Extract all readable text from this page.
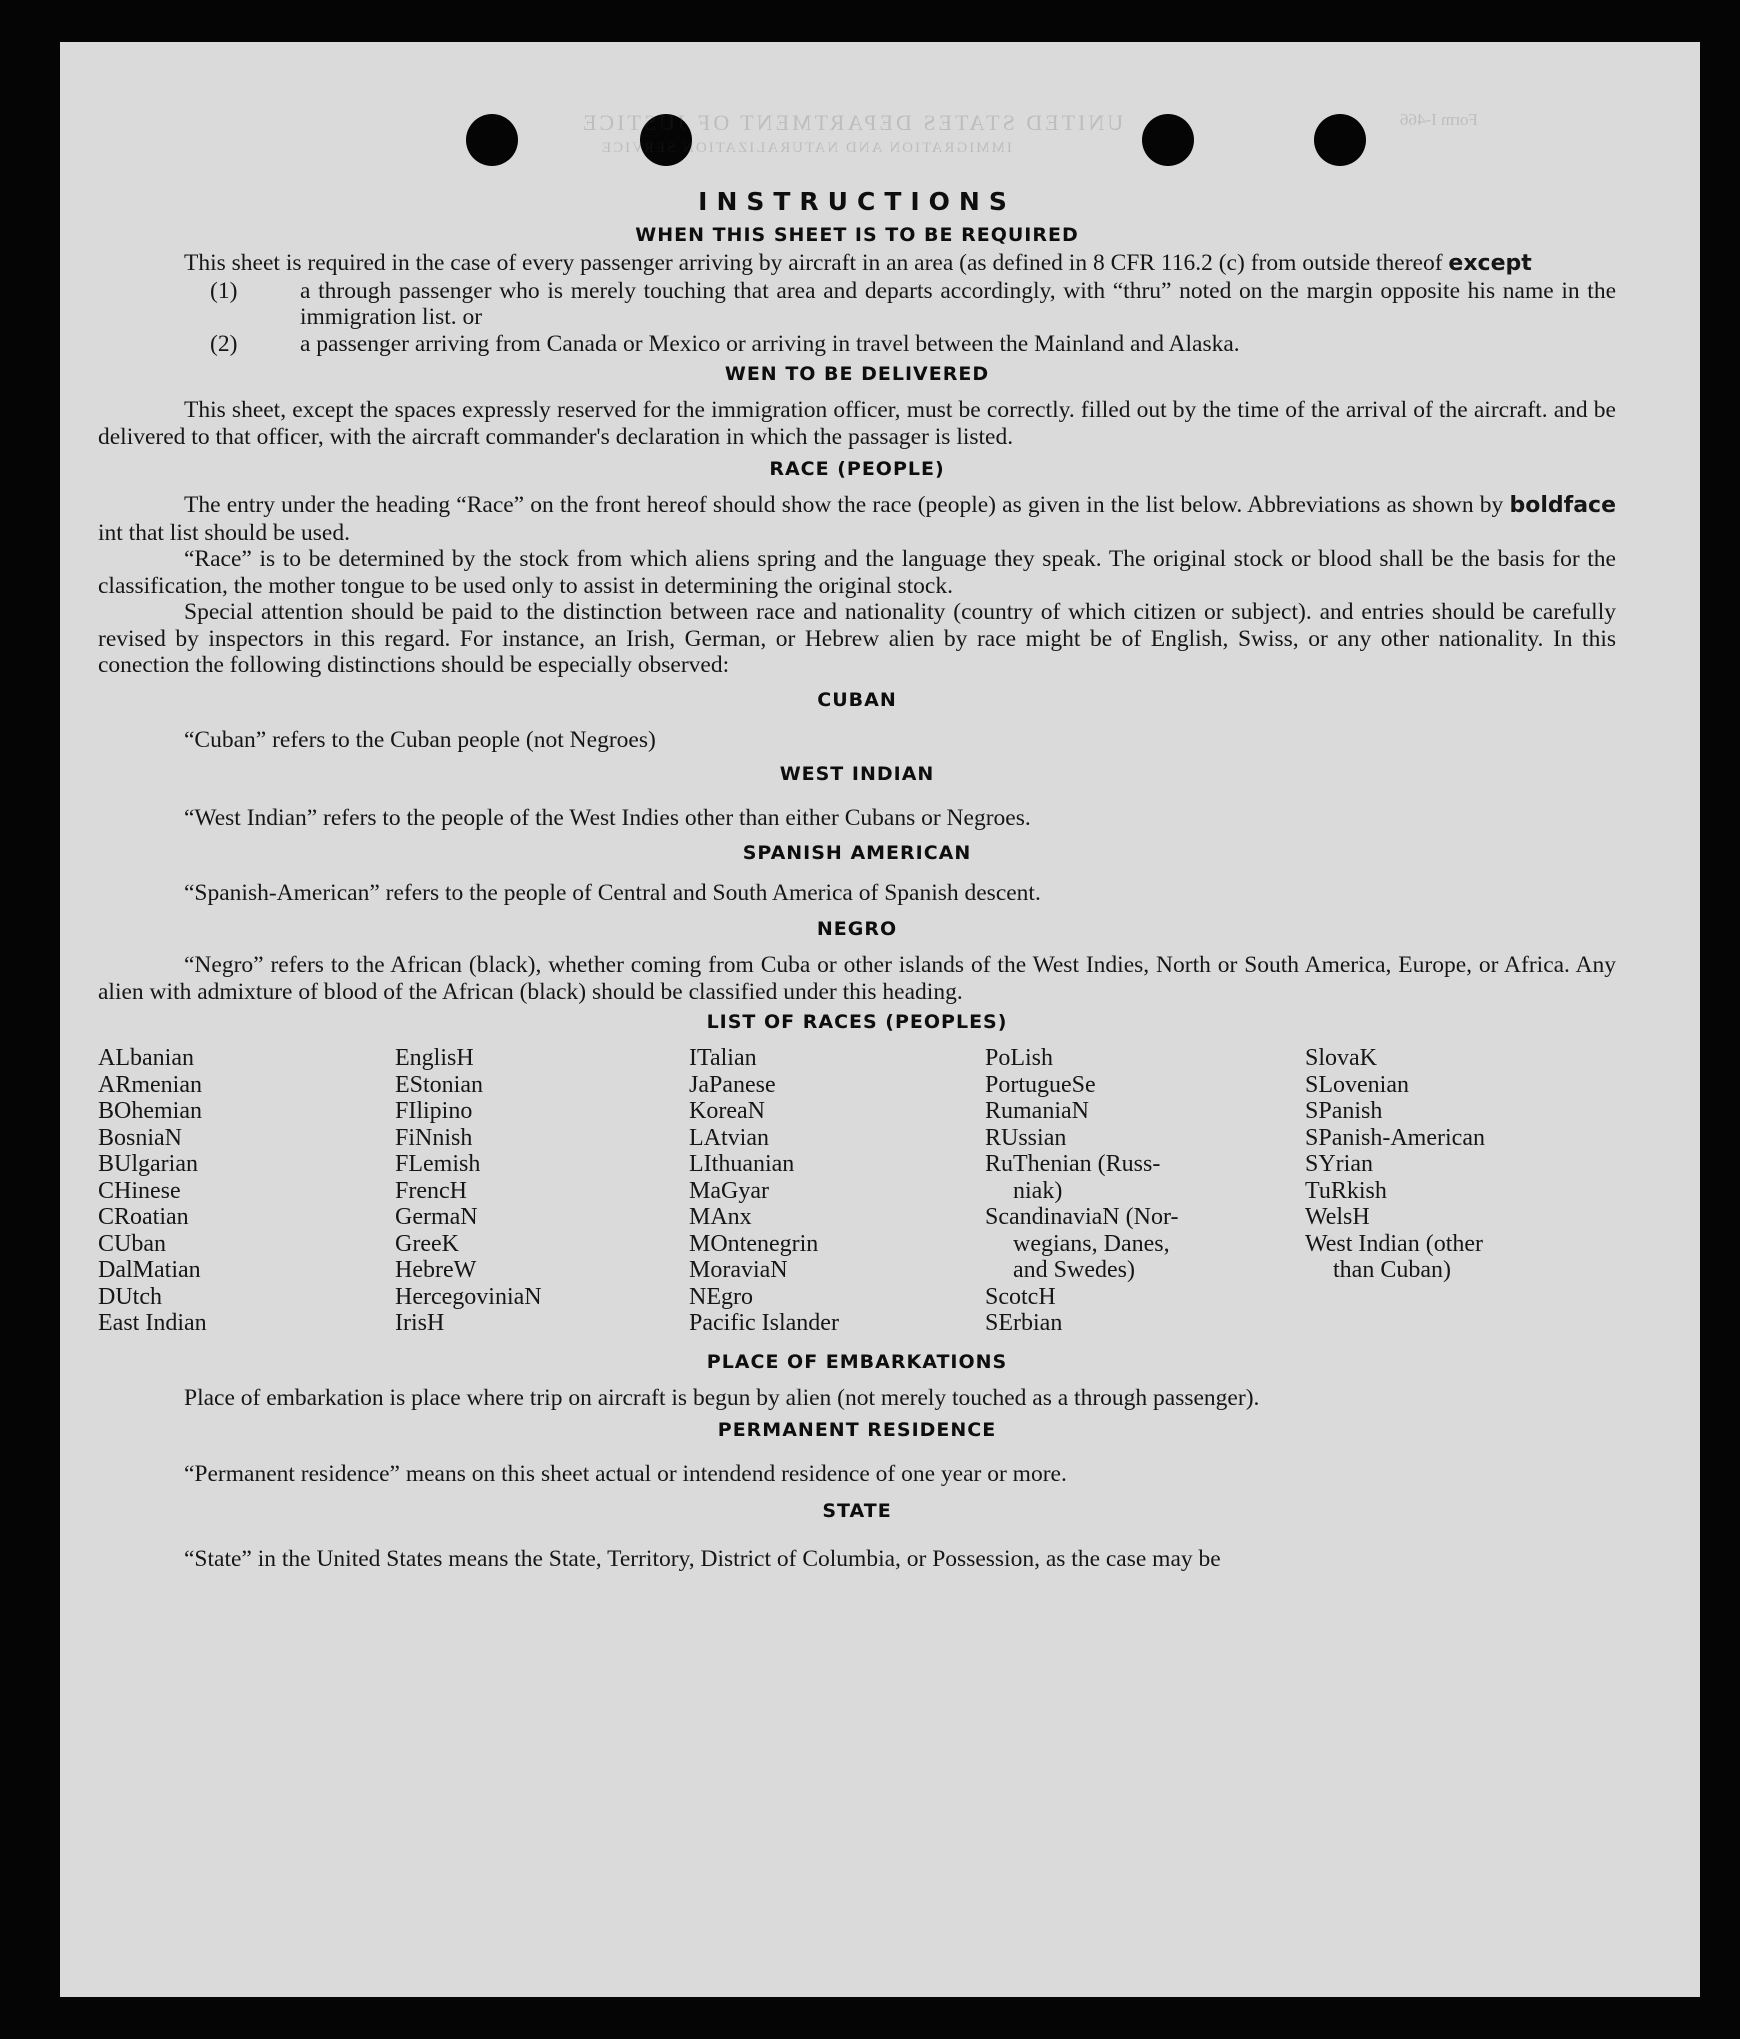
UNITED STATES DEPARTMENT OF JUSTICE
IMMIGRATION AND NATURALIZATION SERVICE
Form I-466
INSTRUCTIONS
WHEN THIS SHEET IS TO BE REQUIRED

This sheet is required in the case of every passenger arriving by aircraft in an area (as defined in 8 CFR 116.2 (c) from outside thereof except

(1)	a through passenger who is merely touching that area and departs accordingly, with “thru” noted on the margin opposite his name in the immigration list. or
(2)	a passenger arriving from Canada or Mexico or arriving in travel between the Mainland and Alaska.
WEN TO BE DELIVERED

This sheet, except the spaces expressly reserved for the immigration officer, must be correctly. filled out by the time of the arrival of the aircraft. and be delivered to that officer, with the aircraft commander's declaration in which the passager is listed.

RACE (PEOPLE)

The entry under the heading “Race” on the front hereof should show the race (people) as given in the list below. Abbreviations as shown by boldface int that list should be used.

“Race” is to be determined by the stock from which aliens spring and the language they speak. The original stock or blood shall be the basis for the classification, the mother tongue to be used only to assist in determining the original stock.

Special attention should be paid to the distinction between race and nationality (country of which citizen or subject). and entries should be carefully revised by inspectors in this regard. For instance, an Irish, German, or Hebrew alien by race might be of English, Swiss, or any other nationality. In this conection the following distinctions should be especially observed:

CUBAN

“Cuban” refers to the Cuban people (not Negroes)

WEST INDIAN

“West Indian” refers to the people of the West Indies other than either Cubans or Negroes.

SPANISH AMERICAN

“Spanish-American” refers to the people of Central and South America of Spanish descent.

NEGRO

“Negro” refers to the African (black), whether coming from Cuba or other islands of the West Indies, North or South America, Europe, or Africa. Any alien with admixture of blood of the African (black) should be classified under this heading.

LIST OF RACES (PEOPLES)
ALbanian
ARmenian
BOhemian
BosniaN
BUlgarian
CHinese
CRoatian
CUban
DalMatian
DUtch
East Indian
EnglisH
EStonian
FIlipino
FiNnish
FLemish
FrencH
GermaN
GreeK
HebreW
HercegoviniaN
IrisH
ITalian
JaPanese
KoreaN
LAtvian
LIthuanian
MaGyar
MAnx
MOntenegrin
MoraviaN
NEgro
Pacific Islander
PoLish
PortugueSe
RumaniaN
RUssian
RuThenian (Russ-
niak)
ScandinaviaN (Nor-
wegians, Danes,
and Swedes)
ScotcH
SErbian
SlovaK
SLovenian
SPanish
SPanish-American
SYrian
TuRkish
WelsH
West Indian (other
than Cuban)
PLACE OF EMBARKATIONS

Place of embarkation is place where trip on aircraft is begun by alien (not merely touched as a through passenger).

PERMANENT RESIDENCE

“Permanent residence” means on this sheet actual or intendend residence of one year or more.

STATE

“State” in the United States means the State, Territory, District of Columbia, or Possession, as the case may be
